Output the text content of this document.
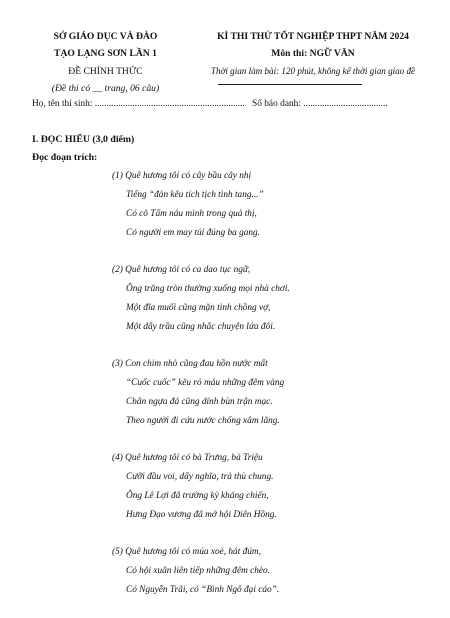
SỞ GIÁO DỤC VÀ ĐÀO
TẠO LẠNG SƠN LẦN 1
ĐỀ CHÍNH THỨC
(Đề thi có __ trang, 06 câu)
KÌ THI THỬ TỐT NGHIỆP THPT NĂM 2024
Môn thi: NGỮ VĂN
Thời gian làm bài: 120 phút, không kể thời gian giao đề
Họ, tên thí sinh: ................................................................ Số báo danh: ....................................
I. ĐỌC HIỂU (3,0 điểm)
Đọc đoạn trích:
(1) Quê hương tôi có cây bầu cây nhị
Tiếng “đàn kêu tích tịch tình tang...”
Có cô Tấm náu mình trong quả thị,
Có người em may túi đúng ba gang.
(2) Quê hương tôi có ca dao tục ngữ,
Ông trăng tròn thường xuống mọi nhà chơi.
Một đĩa muối cũng mặn tình chồng vợ,
Một dây trầu cũng nhắc chuyện lứa đôi.
(3) Con chim nhỏ cũng đau hồn nước mất
“Cuốc cuốc” kêu rỏ máu những đêm vàng
Chân ngựa đá cũng dính bùn trận mạc.
Theo người đi cứu nước chống xâm lăng.
(4) Quê hương tôi có bà Trưng, bà Triệu
Cưỡi đầu voi, dấy nghĩa, trả thù chung.
Ông Lê Lợi đã trường kỳ kháng chiến,
Hưng Đạo vương đã mở hội Diên Hồng.
(5) Quê hương tôi có múa xoè, hát đúm,
Có hội xuân liên tiếp những đêm chèo.
Có Nguyễn Trãi, có “Bình Ngô đại cáo”.
